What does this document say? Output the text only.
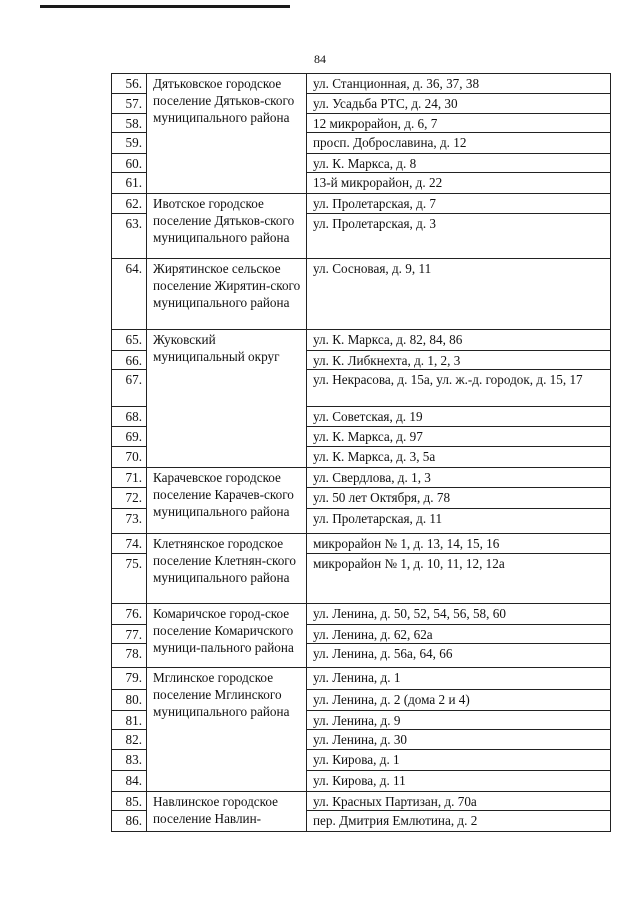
84
56.	Дятьковское городское поселение Дятьков-ского муниципального района	ул. Станционная, д. 36, 37, 38
57.		ул. Усадьба РТС, д. 24, 30
58.		12 микрорайон, д. 6, 7
59.		просп. Доброславина, д. 12
60.		ул. К. Маркса, д. 8
61.		13-й микрорайон, д. 22
62.	Ивотское городское поселение Дятьков-ского муниципального района	ул. Пролетарская, д. 7
63.		ул. Пролетарская, д. 3
64.	Жирятинское сельское поселение Жирятин-ского муниципального района	ул. Сосновая, д. 9, 11
65.	Жуковский муниципальный округ	ул. К. Маркса, д. 82, 84, 86
66.		ул. К. Либкнехта, д. 1, 2, 3
67.		ул. Некрасова, д. 15а, ул. ж.-д. городок, д. 15, 17
68.		ул. Советская, д. 19
69.		ул. К. Маркса, д. 97
70.		ул. К. Маркса, д. 3, 5а
71.	Карачевское городское поселение Карачев-ского муниципального района	ул. Свердлова, д. 1, 3
72.		ул. 50 лет Октября, д. 78
73.		ул. Пролетарская, д. 11
74.	Клетнянское городское поселение Клетнян-ского муниципального района	микрорайон № 1, д. 13, 14, 15, 16
75.		микрорайон № 1, д. 10, 11, 12, 12а
76.	Комаричское город-ское поселение Комаричского муници-пального района	ул. Ленина, д. 50, 52, 54, 56, 58, 60
77.		ул. Ленина, д. 62, 62а
78.		ул. Ленина, д. 56а, 64, 66
79.	Мглинское городское поселение Мглинского муниципального района	ул. Ленина, д. 1
80.		ул. Ленина, д. 2 (дома 2 и 4)
81.		ул. Ленина, д. 9
82.		ул. Ленина, д. 30
83.		ул. Кирова, д. 1
84.		ул. Кирова, д. 11
85.	Навлинское городское поселение Навлин-	ул. Красных Партизан, д. 70а
86.		пер. Дмитрия Емлютина, д. 2
